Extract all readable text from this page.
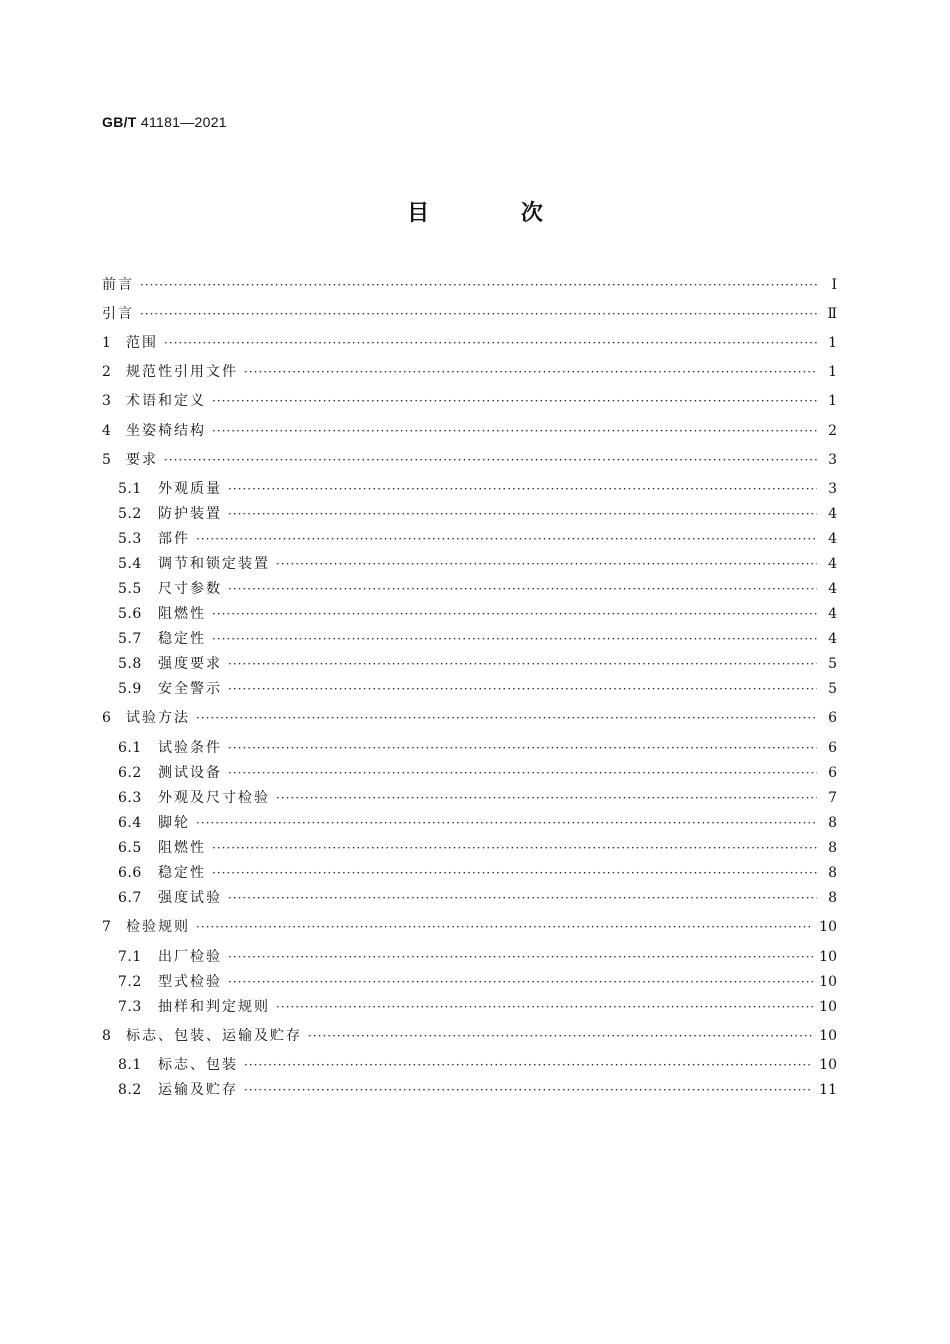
GB/T 41181—2021
目 次
前言 ·····	Ⅰ
引言 ·····	Ⅱ
1	范围 ·····	1
2	规范性引用文件 ·····	1
3	术语和定义 ·····	1
4	坐姿椅结构 ·····	2
5	要求 ·····	3
5.1	外观质量 ·····	3
5.2	防护装置 ·····	4
5.3	部件 ·····	4
5.4	调节和锁定装置 ·····	4
5.5	尺寸参数 ·····	4
5.6	阻燃性 ·····	4
5.7	稳定性 ·····	4
5.8	强度要求 ·····	5
5.9	安全警示 ·····	5
6	试验方法 ·····	6
6.1	试验条件 ·····	6
6.2	测试设备 ·····	6
6.3	外观及尺寸检验 ·····	7
6.4	脚轮 ·····	8
6.5	阻燃性 ·····	8
6.6	稳定性 ·····	8
6.7	强度试验 ·····	8
7	检验规则 ·····	10
7.1	出厂检验 ·····	10
7.2	型式检验 ·····	10
7.3	抽样和判定规则 ·····	10
8	标志、包装、运输及贮存 ·····	10
8.1	标志、包装 ·····	10
8.2	运输及贮存 ·····	11
